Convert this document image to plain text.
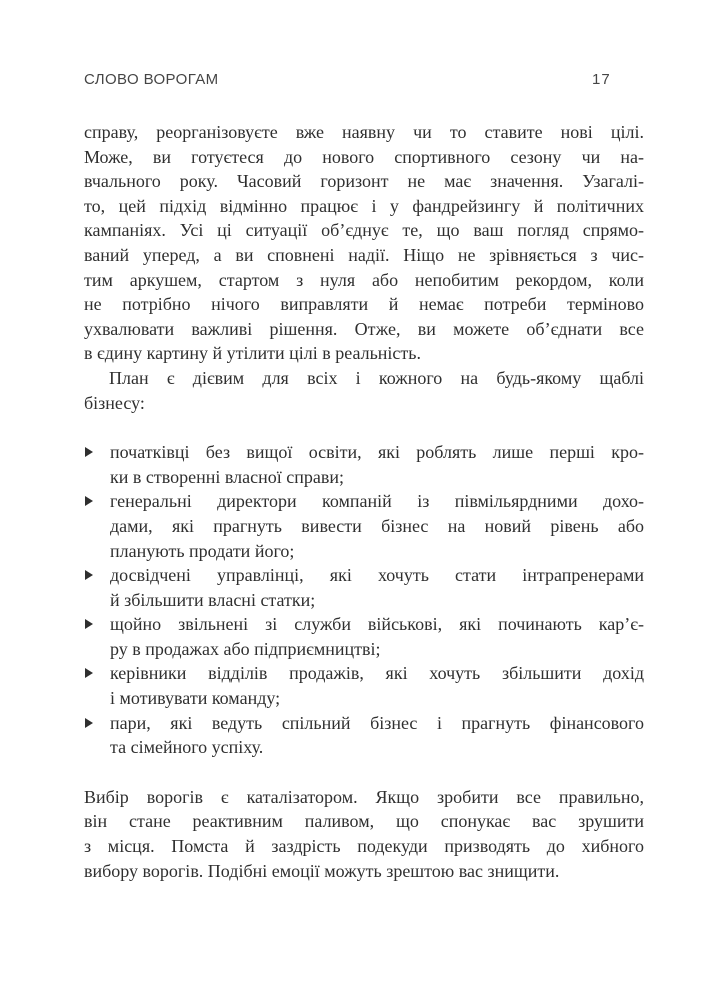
СЛОВО ВОРОГАМ	17
справу, реорганізовуєте вже наявну чи то ставите нові цілі.
Може, ви готуєтеся до нового спортивного сезону чи на-
вчального року. Часовий горизонт не має значення. Узагалі-
то, цей підхід відмінно працює і у фандрейзингу й політичних
кампаніях. Усі ці ситуації об’єднує те, що ваш погляд спрямо-
ваний уперед, а ви сповнені надії. Ніщо не зрівняється з чис-
тим аркушем, стартом з нуля або непобитим рекордом, коли
не потрібно нічого виправляти й немає потреби терміново
ухвалювати важливі рішення. Отже, ви можете об’єднати все
в єдину картину й утілити цілі в реальність.
План є дієвим для всіх і кожного на будь-якому щаблі
бізнесу:
початківці без вищої освіти, які роблять лише перші кро-
ки в створенні власної справи;
генеральні директори компаній із півмільярдними дохо-
дами, які прагнуть вивести бізнес на новий рівень або
планують продати його;
досвідчені управлінці, які хочуть стати інтрапренерами
й збільшити власні статки;
щойно звільнені зі служби військові, які починають кар’є-
ру в продажах або підприємництві;
керівники відділів продажів, які хочуть збільшити дохід
і мотивувати команду;
пари, які ведуть спільний бізнес і прагнуть фінансового
та сімейного успіху.
Вибір ворогів є каталізатором. Якщо зробити все правильно,
він стане реактивним паливом, що спонукає вас зрушити
з місця. Помста й заздрість подекуди призводять до хибного
вибору ворогів. Подібні емоції можуть зрештою вас знищити.
